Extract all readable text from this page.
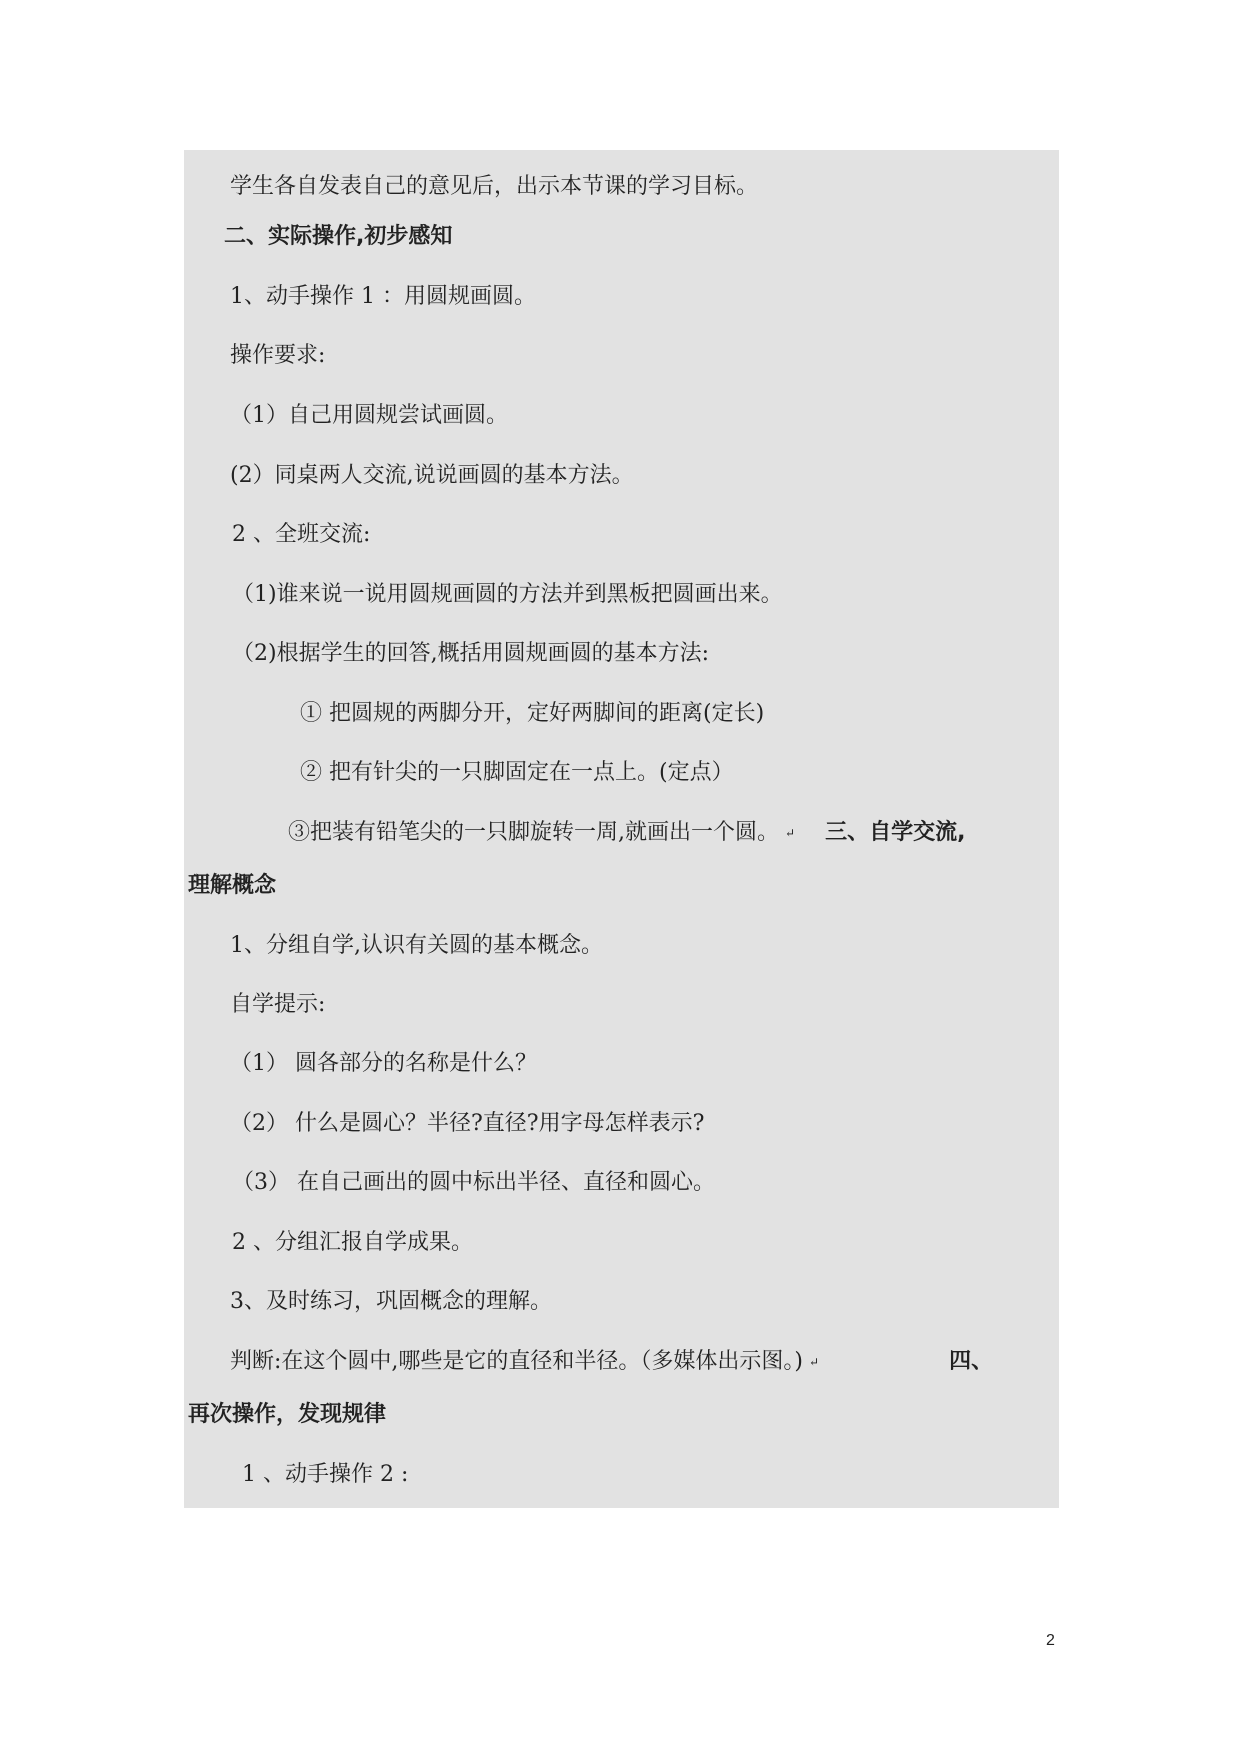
学生各自发表自己的意见后，出示本节课的学习目标。
二、实际操作,初步感知
1、动手操作 1 ：用圆规画圆。
操作要求:
（1）自己用圆规尝试画圆。
(2）同桌两人交流,说说画圆的基本方法。
2 、全班交流:
（1)谁来说一说用圆规画圆的方法并到黑板把圆画出来。
（2)根据学生的回答,概括用圆规画圆的基本方法:
① 把圆规的两脚分开，定好两脚间的距离(定长)
② 把有针尖的一只脚固定在一点上。(定点）
③把装有铅笔尖的一只脚旋转一周,就画出一个圆。 ↵ 三、自学交流,
理解概念
1、分组自学,认识有关圆的基本概念。
自学提示:
（1） 圆各部分的名称是什么？
（2） 什么是圆心？半径?直径?用字母怎样表示?
（3） 在自己画出的圆中标出半径、直径和圆心。
2 、分组汇报自学成果。
3、及时练习，巩固概念的理解。
判断:在这个圆中,哪些是它的直径和半径。（多媒体出示图。) ↵	四、
再次操作，发现规律
1 、动手操作 2 :
2
